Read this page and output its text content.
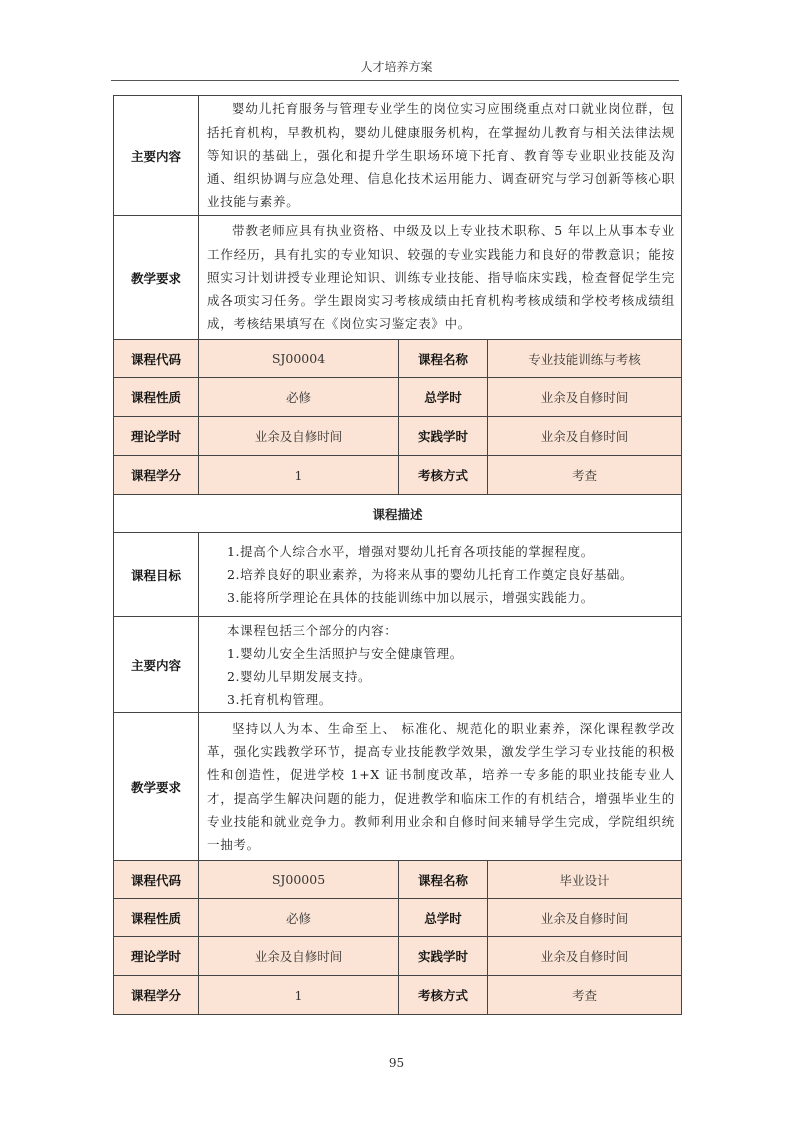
人才培养方案
主要内容	婴幼儿托育服务与管理专业学生的岗位实习应围绕重点对口就业岗位群，包括托育机构，早教机构，婴幼儿健康服务机构，在掌握幼儿教育与相关法律法规等知识的基础上，强化和提升学生职场环境下托育、教育等专业职业技能及沟通、组织协调与应急处理、信息化技术运用能力、调查研究与学习创新等核心职业技能与素养。		

教学要求	带教老师应具有执业资格、中级及以上专业技术职称、5 年以上从事本专业工作经历，具有扎实的专业知识、较强的专业实践能力和良好的带教意识；能按照实习计划讲授专业理论知识、训练专业技能、指导临床实践，检查督促学生完成各项实习任务。学生跟岗实习考核成绩由托育机构考核成绩和学校考核成绩组成，考核结果填写在《岗位实习鉴定表》中。		

课程代码	SJ00004	课程名称	专业技能训练与考核
课程性质	必修	总学时	业余及自修时间
理论学时	业余及自修时间	实践学时	业余及自修时间
课程学分	1	考核方式	考查
课程描述			
课程目标	1.提高个人综合水平，增强对婴幼儿托育各项技能的掌握程度。

2.培养良好的职业素养，为将来从事的婴幼儿托育工作奠定良好基础。

3.能将所学理论在具体的技能训练中加以展示，增强实践能力。		

主要内容	本课程包括三个部分的内容：

1.婴幼儿安全生活照护与安全健康管理。

2.婴幼儿早期发展支持。

3.托育机构管理。		

教学要求	坚持以人为本、生命至上、 标准化、规范化的职业素养，深化课程教学改革，强化实践教学环节，提高专业技能教学效果，激发学生学习专业技能的积极性和创造性，促进学校 1+X 证书制度改革，培养一专多能的职业技能专业人才，提高学生解决问题的能力，促进教学和临床工作的有机结合，增强毕业生的专业技能和就业竞争力。教师利用业余和自修时间来辅导学生完成，学院组织统一抽考。		

课程代码	SJ00005	课程名称	毕业设计
课程性质	必修	总学时	业余及自修时间
理论学时	业余及自修时间	实践学时	业余及自修时间
课程学分	1	考核方式	考查
95
